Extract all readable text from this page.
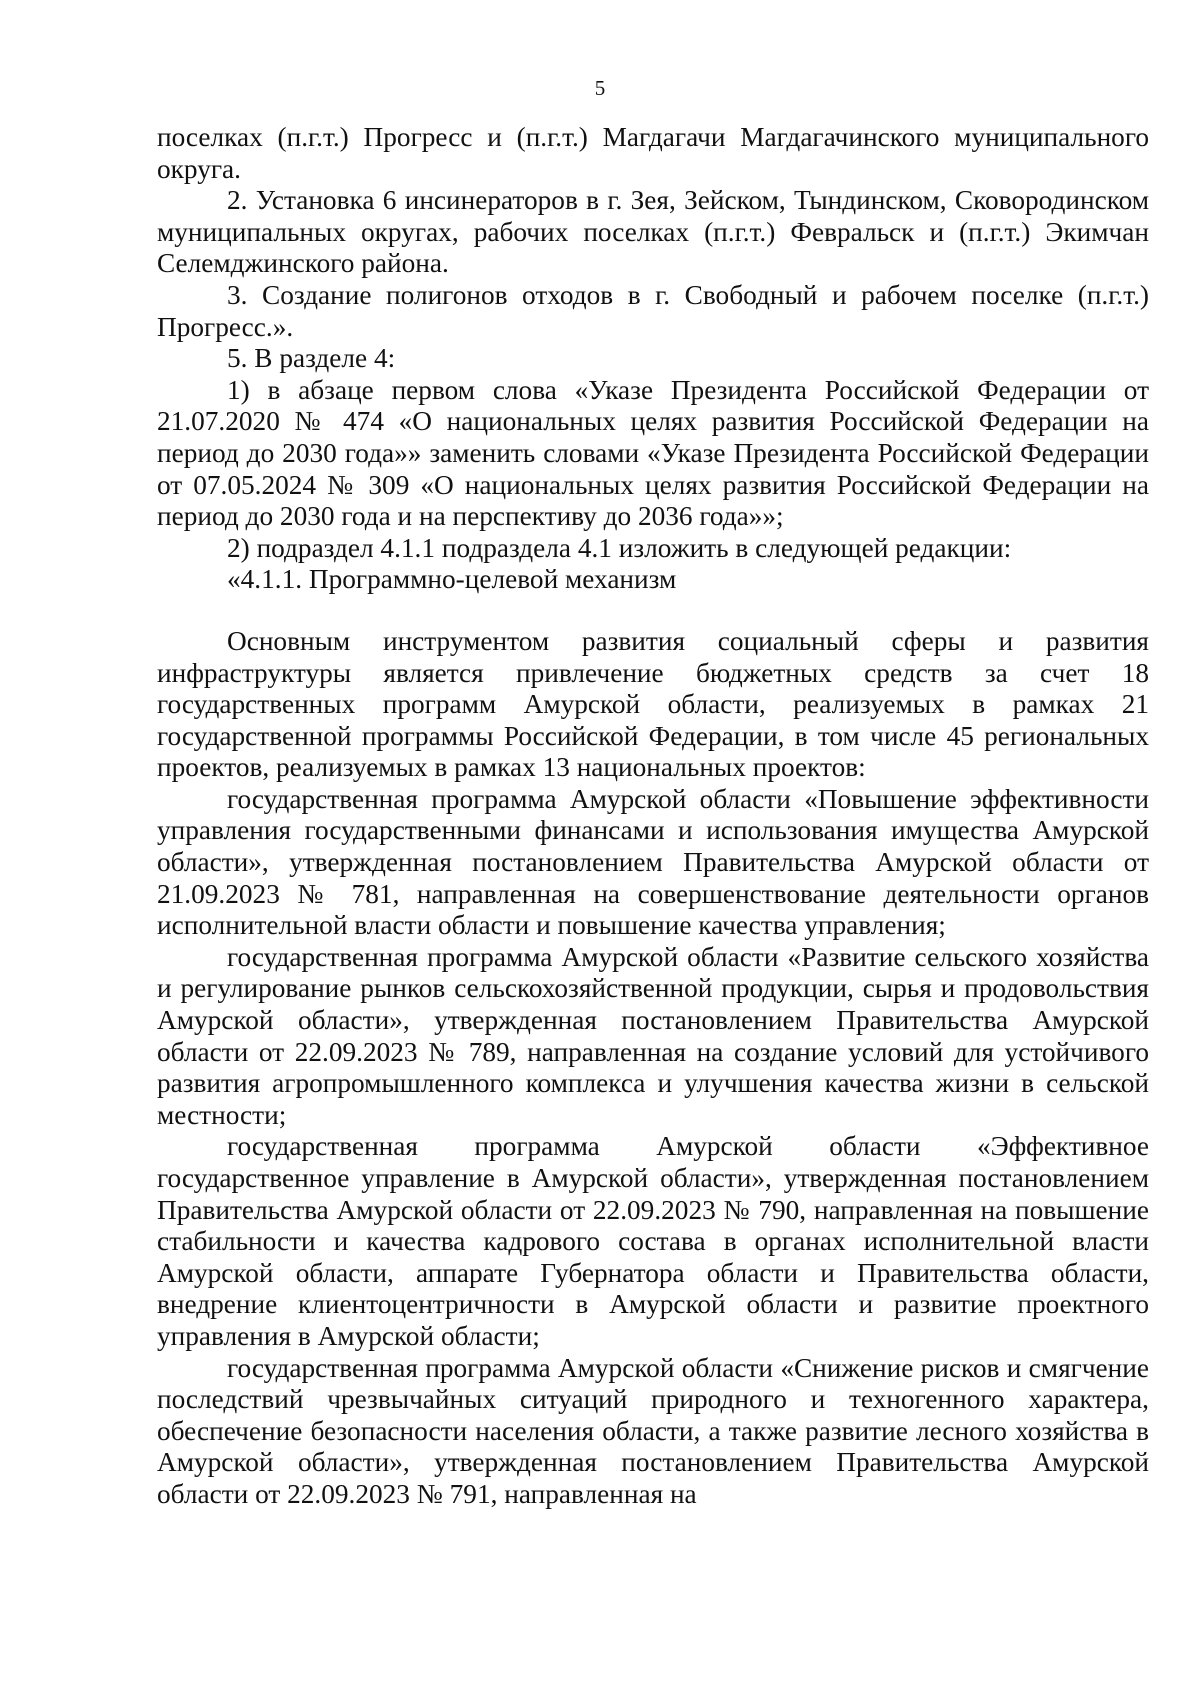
5

поселках (п.г.т.) Прогресс и (п.г.т.) Магдагачи Магдагачинского муниципального округа.

2. Установка 6 инсинераторов в г. Зея, Зейском, Тындинском, Сковородинском муниципальных округах, рабочих поселках (п.г.т.) Февральск и (п.г.т.) Экимчан Селемджинского района.

3. Создание полигонов отходов в г. Свободный и рабочем поселке (п.г.т.) Прогресс.».

5. В разделе 4:

1) в абзаце первом слова «Указе Президента Российской Федерации от 21.07.2020 № 474 «О национальных целях развития Российской Федерации на период до 2030 года»» заменить словами «Указе Президента Российской Федерации от 07.05.2024 № 309 «О национальных целях развития Российской Федерации на период до 2030 года и на перспективу до 2036 года»»;

2) подраздел 4.1.1 подраздела 4.1 изложить в следующей редакции:

«4.1.1. Программно-целевой механизм

Основным инструментом развития социальный сферы и развития инфраструктуры является привлечение бюджетных средств за счет 18 государственных программ Амурской области, реализуемых в рамках 21 государственной программы Российской Федерации, в том числе 45 региональных проектов, реализуемых в рамках 13 национальных проектов:

государственная программа Амурской области «Повышение эффективности управления государственными финансами и использования имущества Амурской области», утвержденная постановлением Правительства Амурской области от 21.09.2023 № 781, направленная на совершенствование деятельности органов исполнительной власти области и повышение качества управления;

государственная программа Амурской области «Развитие сельского хозяйства и регулирование рынков сельскохозяйственной продукции, сырья и продовольствия Амурской области», утвержденная постановлением Правительства Амурской области от 22.09.2023 № 789, направленная на создание условий для устойчивого развития агропромышленного комплекса и улучшения качества жизни в сельской местности;

государственная программа Амурской области «Эффективное государственное управление в Амурской области», утвержденная постановлением Правительства Амурской области от 22.09.2023 № 790, направленная на повышение стабильности и качества кадрового состава в органах исполнительной власти Амурской области, аппарате Губернатора области и Правительства области, внедрение клиентоцентричности в Амурской области и развитие проектного управления в Амурской области;

государственная программа Амурской области «Снижение рисков и смягчение последствий чрезвычайных ситуаций природного и техногенного характера, обеспечение безопасности населения области, а также развитие лесного хозяйства в Амурской области», утвержденная постановлением Правительства Амурской области от 22.09.2023 № 791, направленная на
